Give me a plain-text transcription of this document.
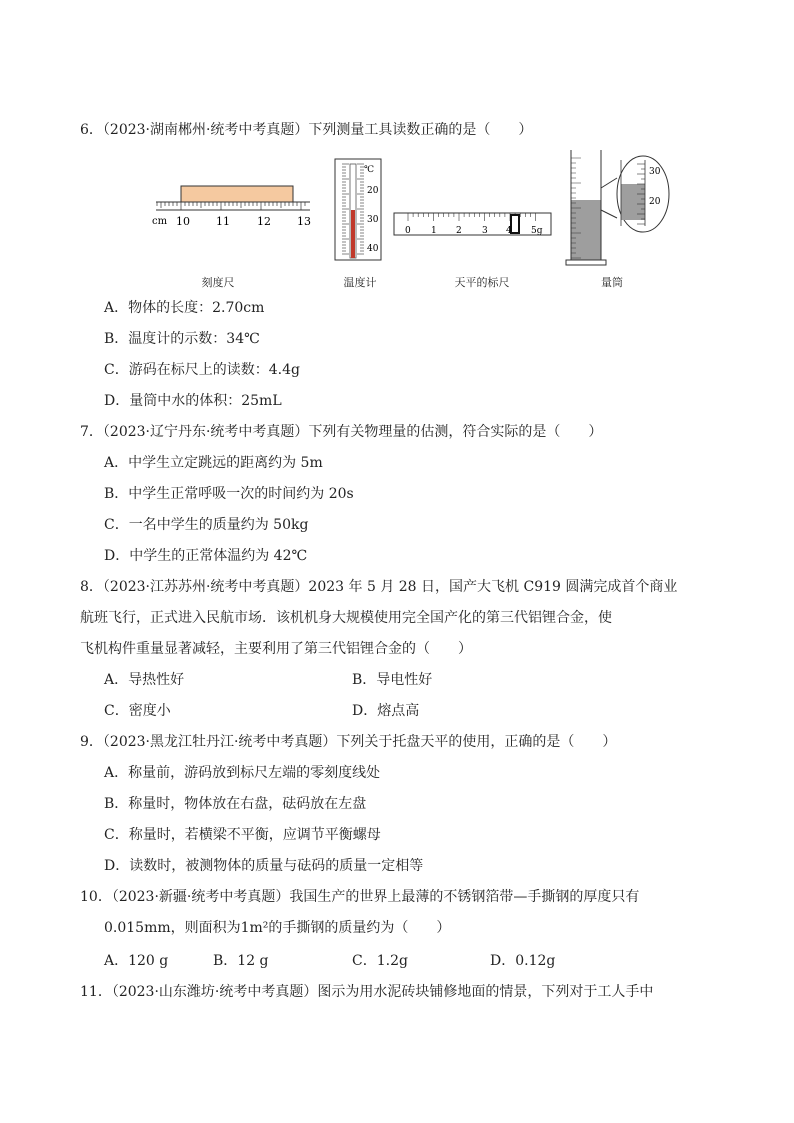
6．（2023·湖南郴州·统考中考真题）下列测量工具读数正确的是（　　）
cm 10 11 12 13
刻度尺
℃
20
30
40
温度计
0 1 2 3 4 5g
天平的标尺
30
20
量筒
A．物体的长度：2.70cm
B．温度计的示数：34℃
C．游码在标尺上的读数：4.4g
D．量筒中水的体积：25mL
7．（2023·辽宁丹东·统考中考真题）下列有关物理量的估测，符合实际的是（　　）
A．中学生立定跳远的距离约为 5m
B．中学生正常呼吸一次的时间约为 20s
C．一名中学生的质量约为 50kg
D．中学生的正常体温约为 42℃
8．（2023·江苏苏州·统考中考真题）2023 年 5 月 28 日，国产大飞机 C919 圆满完成首个商业
航班飞行，正式进入民航市场．该机机身大规模使用完全国产化的第三代铝锂合金，使
飞机构件重量显著减轻，主要利用了第三代铝锂合金的（　　）
A．导热性好	B．导电性好
C．密度小	D．熔点高
9．（2023·黑龙江牡丹江·统考中考真题）下列关于托盘天平的使用，正确的是（　　）
A．称量前，游码放到标尺左端的零刻度线处
B．称量时，物体放在右盘，砝码放在左盘
C．称量时，若横梁不平衡，应调节平衡螺母
D．读数时，被测物体的质量与砝码的质量一定相等
10．（2023·新疆·统考中考真题）我国生产的世界上最薄的不锈钢箔带—手撕钢的厚度只有
0.015mm，则面积为1m²的手撕钢的质量约为（　　）
A．120 g	B．12 g	C．1.2g	D．0.12g
11．（2023·山东潍坊·统考中考真题）图示为用水泥砖块铺修地面的情景，下列对于工人手中
